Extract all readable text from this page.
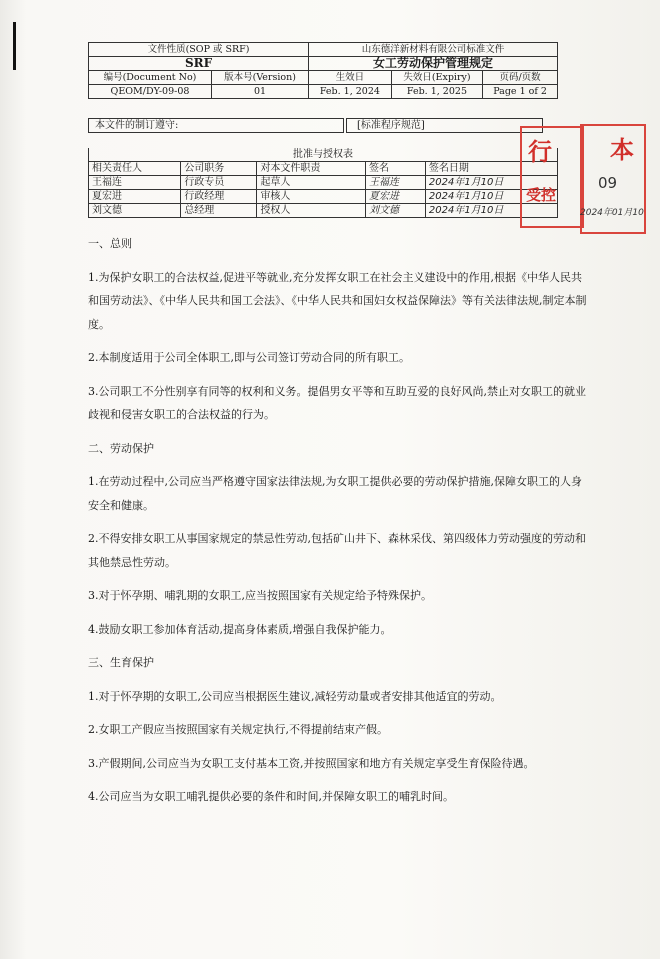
文件性质(SOP 或 SRF)		山东德洋新材料有限公司标准文件		
SRF		女工劳动保护管理规定		
编号(Document No)	版本号(Version)	生效日	失效日(Expiry)	页码/页数
QEOM/DY-09-08	01	Feb. 1, 2024	Feb. 1, 2025	Page 1 of 2
本文件的制订遵守:	[标准程序规范]
批准与授权表				
相关责任人	公司职务	对本文件职责	签名	签名日期
王福连	行政专员	起草人	王福连	2024年1月10日
夏宏进	行政经理	审核人	夏宏进	2024年1月10日
刘文德	总经理	授权人	刘文德	2024年1月10日
行
受控
本
09
2024年01月10

一、总则

1.为保护女职工的合法权益,促进平等就业,充分发挥女职工在社会主义建设中的作用,根据《中华人民共和国劳动法》、《中华人民共和国工会法》、《中华人民共和国妇女权益保障法》等有关法律法规,制定本制度。

2.本制度适用于公司全体职工,即与公司签订劳动合同的所有职工。

3.公司职工不分性别享有同等的权利和义务。提倡男女平等和互助互爱的良好风尚,禁止对女职工的就业歧视和侵害女职工的合法权益的行为。

二、劳动保护

1.在劳动过程中,公司应当严格遵守国家法律法规,为女职工提供必要的劳动保护措施,保障女职工的人身安全和健康。

2.不得安排女职工从事国家规定的禁忌性劳动,包括矿山井下、森林采伐、第四级体力劳动强度的劳动和其他禁忌性劳动。

3.对于怀孕期、哺乳期的女职工,应当按照国家有关规定给予特殊保护。

4.鼓励女职工参加体育活动,提高身体素质,增强自我保护能力。

三、生育保护

1.对于怀孕期的女职工,公司应当根据医生建议,减轻劳动量或者安排其他适宜的劳动。

2.女职工产假应当按照国家有关规定执行,不得提前结束产假。

3.产假期间,公司应当为女职工支付基本工资,并按照国家和地方有关规定享受生育保险待遇。

4.公司应当为女职工哺乳提供必要的条件和时间,并保障女职工的哺乳时间。
